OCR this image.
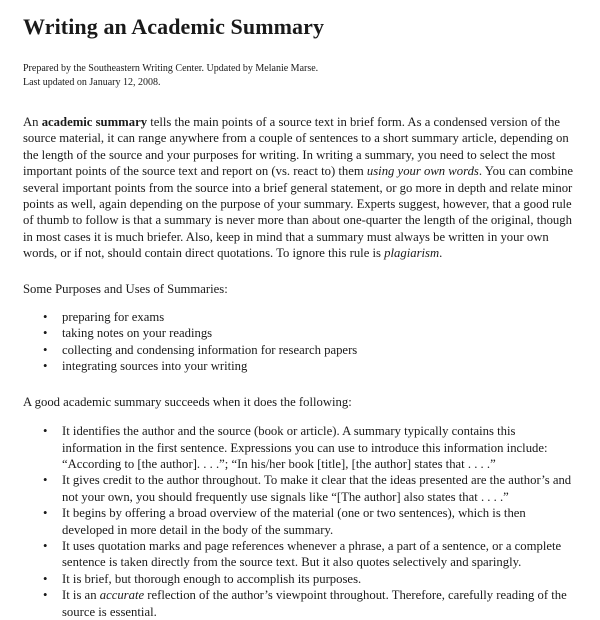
Writing an Academic Summary
Prepared by the Southeastern Writing Center. Updated by Melanie Marse.
Last updated on January 12, 2008.

An academic summary tells the main points of a source text in brief form. As a condensed version of the source material, it can range anywhere from a couple of sentences to a short summary article, depending on the length of the source and your purposes for writing. In writing a summary, you need to select the most important points of the source text and report on (vs. react to) them using your own words. You can combine several important points from the source into a brief general statement, or go more in depth and relate minor points as well, again depending on the purpose of your summary. Experts suggest, however, that a good rule of thumb to follow is that a summary is never more than about one-quarter the length of the original, though in most cases it is much briefer. Also, keep in mind that a summary must always be written in your own words, or if not, should contain direct quotations. To ignore this rule is plagiarism.

Some Purposes and Uses of Summaries:

• preparing for exams
• taking notes on your readings
• collecting and condensing information for research papers
• integrating sources into your writing

A good academic summary succeeds when it does the following:

• It identifies the author and the source (book or article). A summary typically contains this information in the first sentence. Expressions you can use to introduce this information include: “According to [the author]. . . .”; “In his/her book [title], [the author] states that . . . .”
• It gives credit to the author throughout. To make it clear that the ideas presented are the author’s and not your own, you should frequently use signals like “[The author] also states that . . . .”
• It begins by offering a broad overview of the material (one or two sentences), which is then developed in more detail in the body of the summary.
• It uses quotation marks and page references whenever a phrase, a part of a sentence, or a complete sentence is taken directly from the source text. But it also quotes selectively and sparingly.
• It is brief, but thorough enough to accomplish its purposes.
• It is an accurate reflection of the author’s viewpoint throughout. Therefore, carefully reading of the source is essential.
